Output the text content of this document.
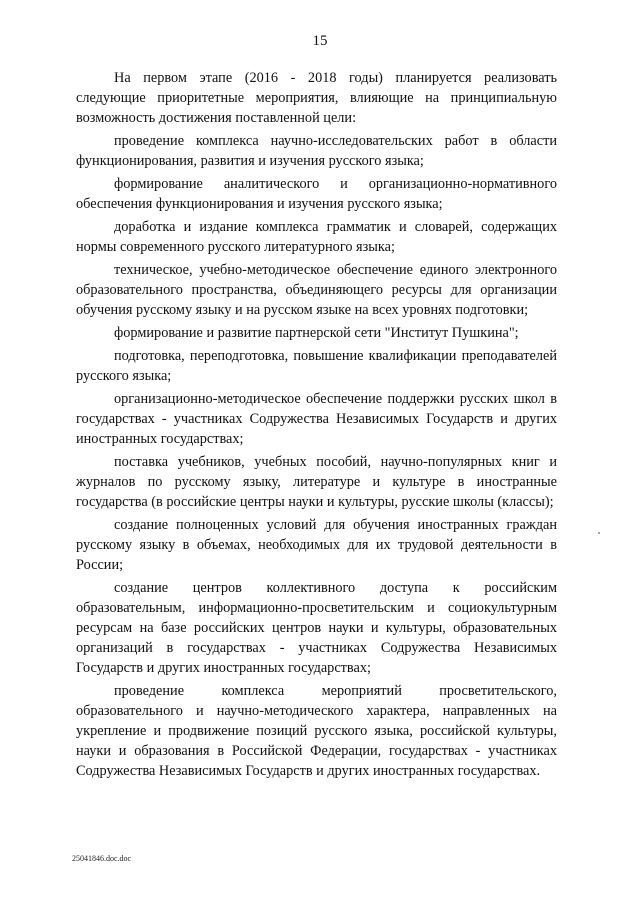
15

На первом этапе (2016 - 2018 годы) планируется реализовать следующие приоритетные мероприятия, влияющие на принципиальную возможность достижения поставленной цели:

проведение комплекса научно-исследовательских работ в области функционирования, развития и изучения русского языка;

формирование аналитического и организационно-нормативного обеспечения функционирования и изучения русского языка;

доработка и издание комплекса грамматик и словарей, содержащих нормы современного русского литературного языка;

техническое, учебно-методическое обеспечение единого электронного образовательного пространства, объединяющего ресурсы для организации обучения русскому языку и на русском языке на всех уровнях подготовки;

формирование и развитие партнерской сети "Институт Пушкина";

подготовка, переподготовка, повышение квалификации преподавателей русского языка;

организационно-методическое обеспечение поддержки русских школ в государствах - участниках Содружества Независимых Государств и других иностранных государствах;

поставка учебников, учебных пособий, научно-популярных книг и журналов по русскому языку, литературе и культуре в иностранные государства (в российские центры науки и культуры, русские школы (классы);

создание полноценных условий для обучения иностранных граждан русскому языку в объемах, необходимых для их трудовой деятельности в России;

создание центров коллективного доступа к российским образовательным, информационно-просветительским и социокультурным ресурсам на базе российских центров науки и культуры, образовательных организаций в государствах - участниках Содружества Независимых Государств и других иностранных государствах;

проведение комплекса мероприятий просветительского, образовательного и научно-методического характера, направленных на укрепление и продвижение позиций русского языка, российской культуры, науки и образования в Российской Федерации, государствах - участниках Содружества Независимых Государств и других иностранных государствах.

25041846.doc.doc
